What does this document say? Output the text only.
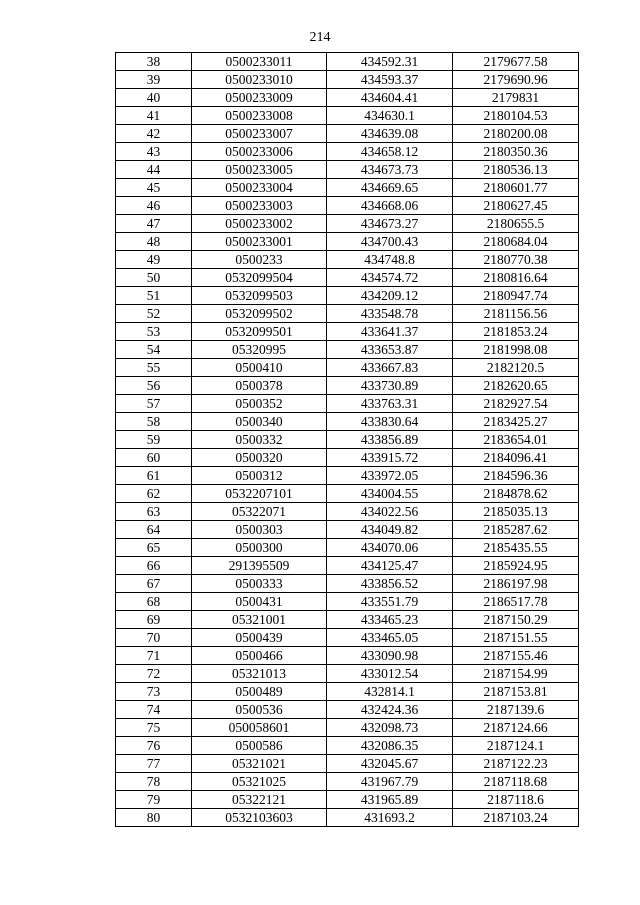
214
38	0500233011	434592.31	2179677.58
39	0500233010	434593.37	2179690.96
40	0500233009	434604.41	2179831
41	0500233008	434630.1	2180104.53
42	0500233007	434639.08	2180200.08
43	0500233006	434658.12	2180350.36
44	0500233005	434673.73	2180536.13
45	0500233004	434669.65	2180601.77
46	0500233003	434668.06	2180627.45
47	0500233002	434673.27	2180655.5
48	0500233001	434700.43	2180684.04
49	0500233	434748.8	2180770.38
50	0532099504	434574.72	2180816.64
51	0532099503	434209.12	2180947.74
52	0532099502	433548.78	2181156.56
53	0532099501	433641.37	2181853.24
54	05320995	433653.87	2181998.08
55	0500410	433667.83	2182120.5
56	0500378	433730.89	2182620.65
57	0500352	433763.31	2182927.54
58	0500340	433830.64	2183425.27
59	0500332	433856.89	2183654.01
60	0500320	433915.72	2184096.41
61	0500312	433972.05	2184596.36
62	0532207101	434004.55	2184878.62
63	05322071	434022.56	2185035.13
64	0500303	434049.82	2185287.62
65	0500300	434070.06	2185435.55
66	291395509	434125.47	2185924.95
67	0500333	433856.52	2186197.98
68	0500431	433551.79	2186517.78
69	05321001	433465.23	2187150.29
70	0500439	433465.05	2187151.55
71	0500466	433090.98	2187155.46
72	05321013	433012.54	2187154.99
73	0500489	432814.1	2187153.81
74	0500536	432424.36	2187139.6
75	050058601	432098.73	2187124.66
76	0500586	432086.35	2187124.1
77	05321021	432045.67	2187122.23
78	05321025	431967.79	2187118.68
79	05322121	431965.89	2187118.6
80	0532103603	431693.2	2187103.24
